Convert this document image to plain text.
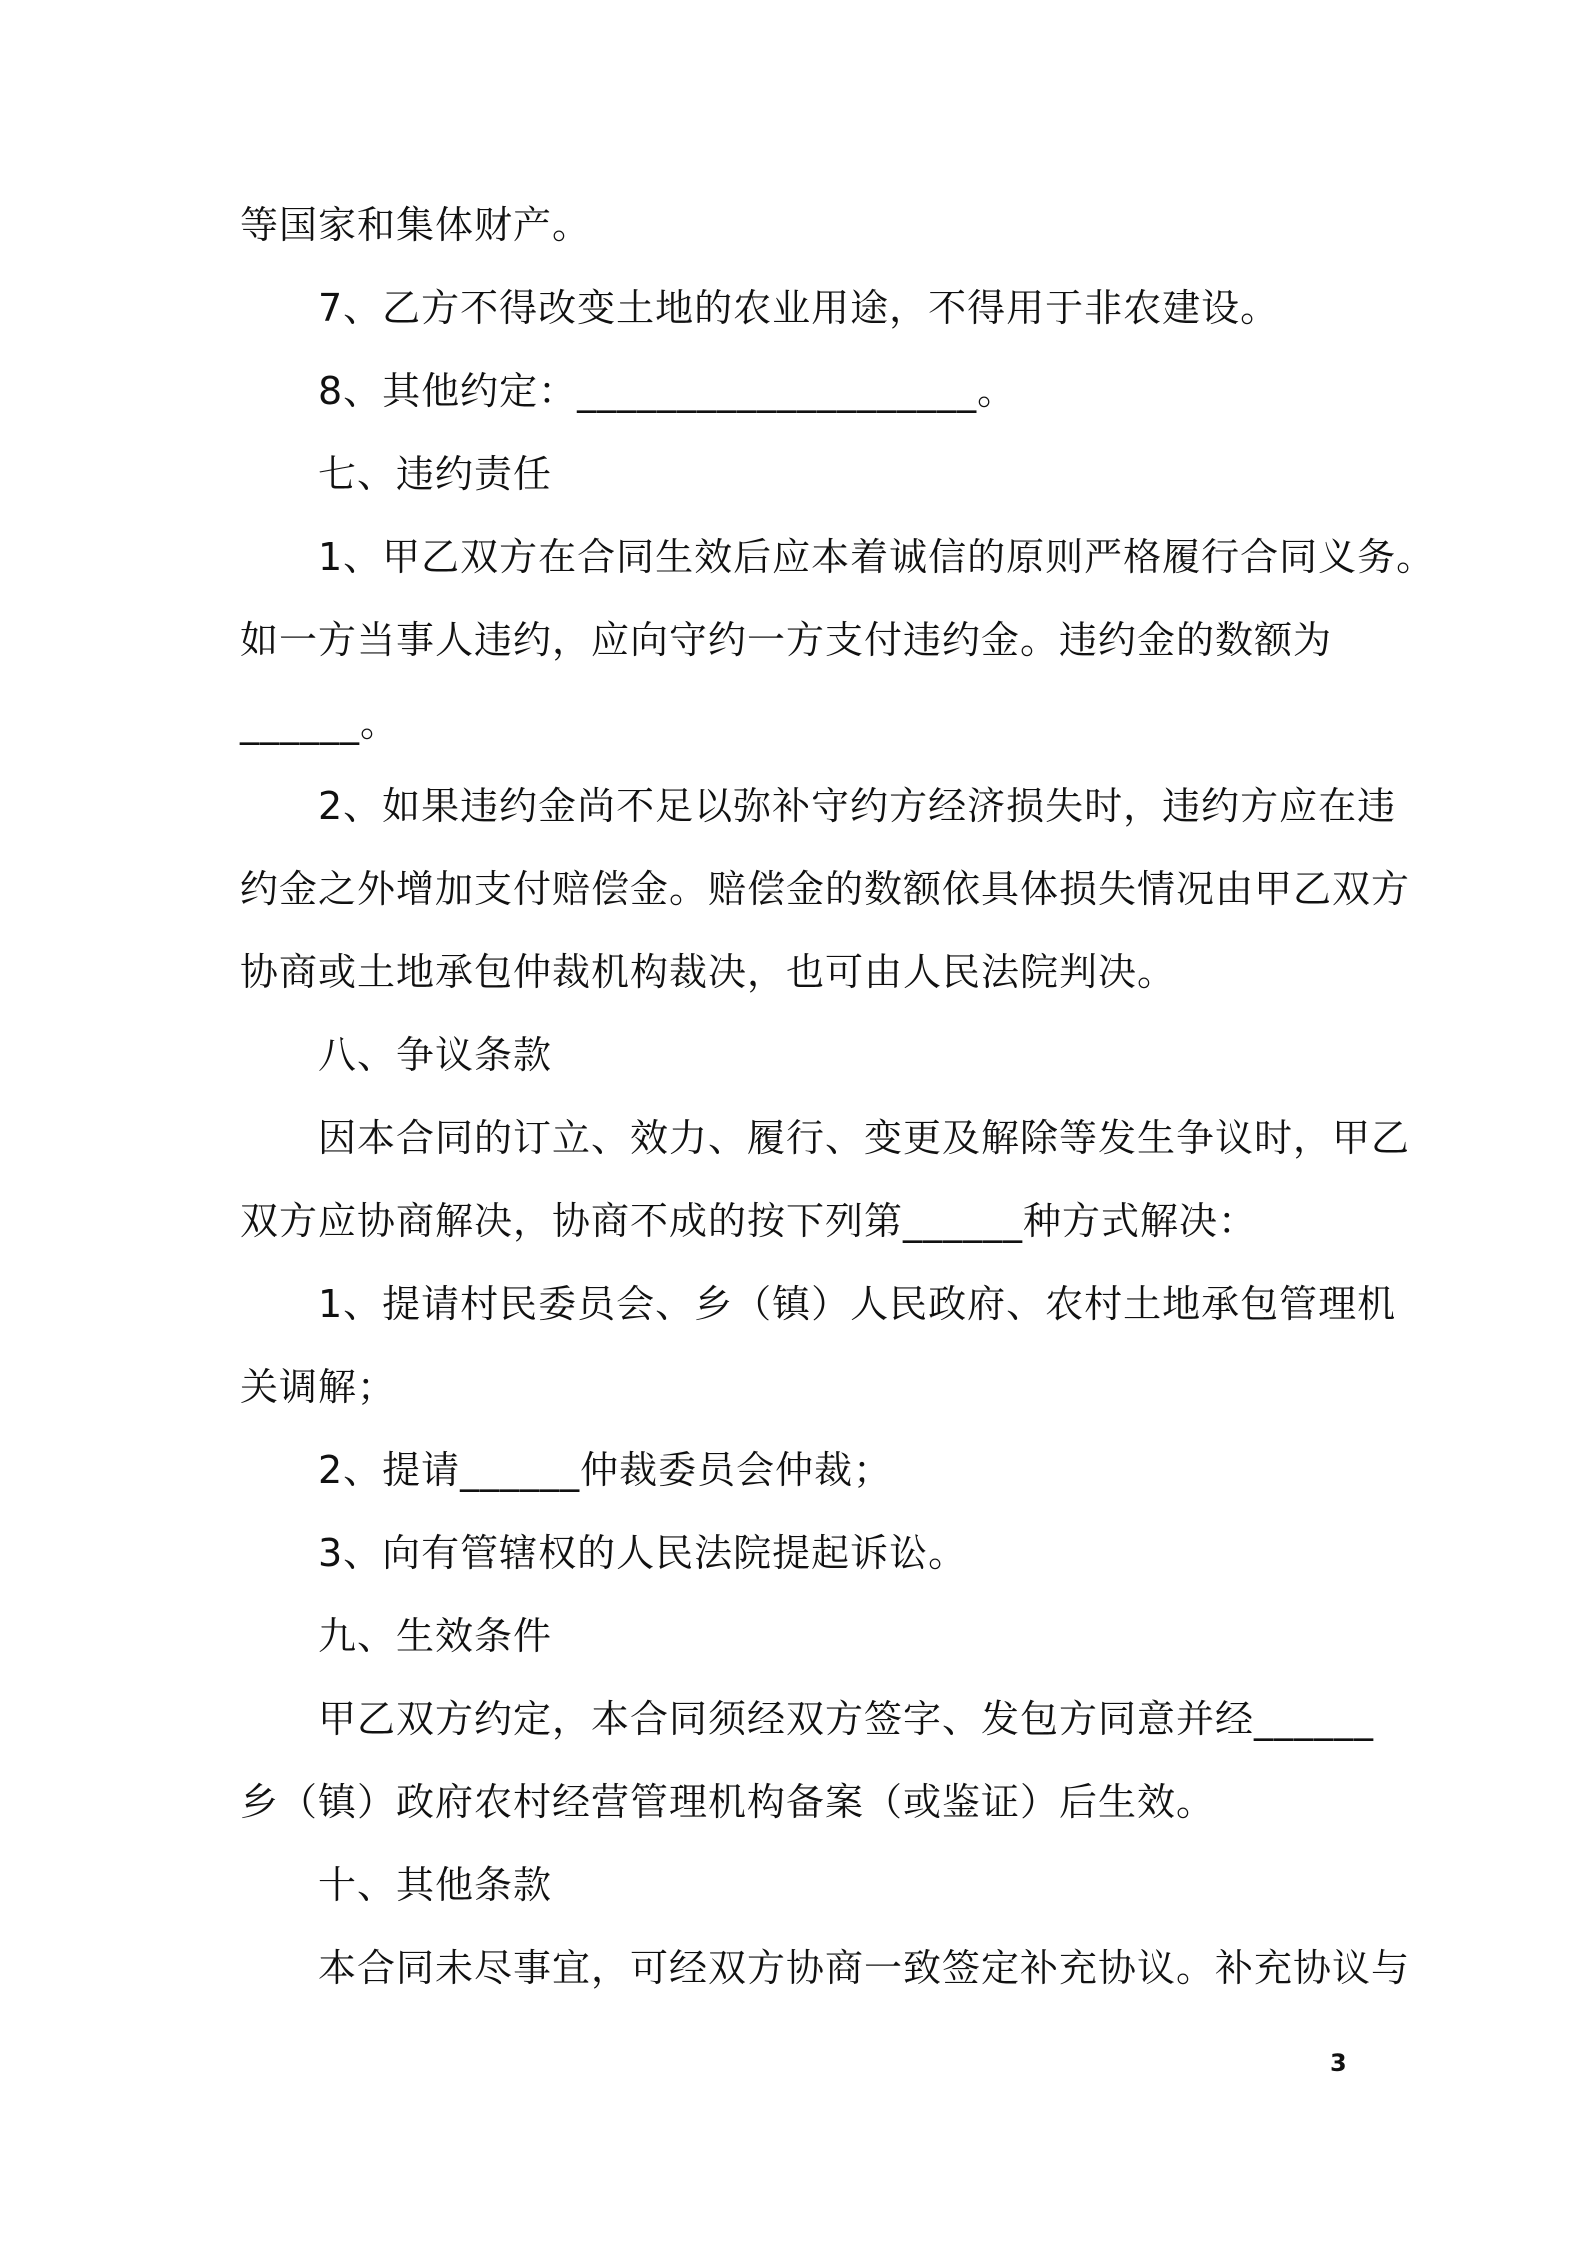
等国家和集体财产。
7、乙方不得改变土地的农业用途，不得用于非农建设。
8、其他约定：____________________。
七、违约责任
1、甲乙双方在合同生效后应本着诚信的原则严格履行合同义务。
如一方当事人违约，应向守约一方支付违约金。违约金的数额为
______。
2、如果违约金尚不足以弥补守约方经济损失时，违约方应在违
约金之外增加支付赔偿金。赔偿金的数额依具体损失情况由甲乙双方
协商或土地承包仲裁机构裁决，也可由人民法院判决。
八、争议条款
因本合同的订立、效力、履行、变更及解除等发生争议时，甲乙
双方应协商解决，协商不成的按下列第______种方式解决：
1、提请村民委员会、乡（镇）人民政府、农村土地承包管理机
关调解；
2、提请______仲裁委员会仲裁；
3、向有管辖权的人民法院提起诉讼。
九、生效条件
甲乙双方约定，本合同须经双方签字、发包方同意并经______
乡（镇）政府农村经营管理机构备案（或鉴证）后生效。
十、其他条款
本合同未尽事宜，可经双方协商一致签定补充协议。补充协议与
3
